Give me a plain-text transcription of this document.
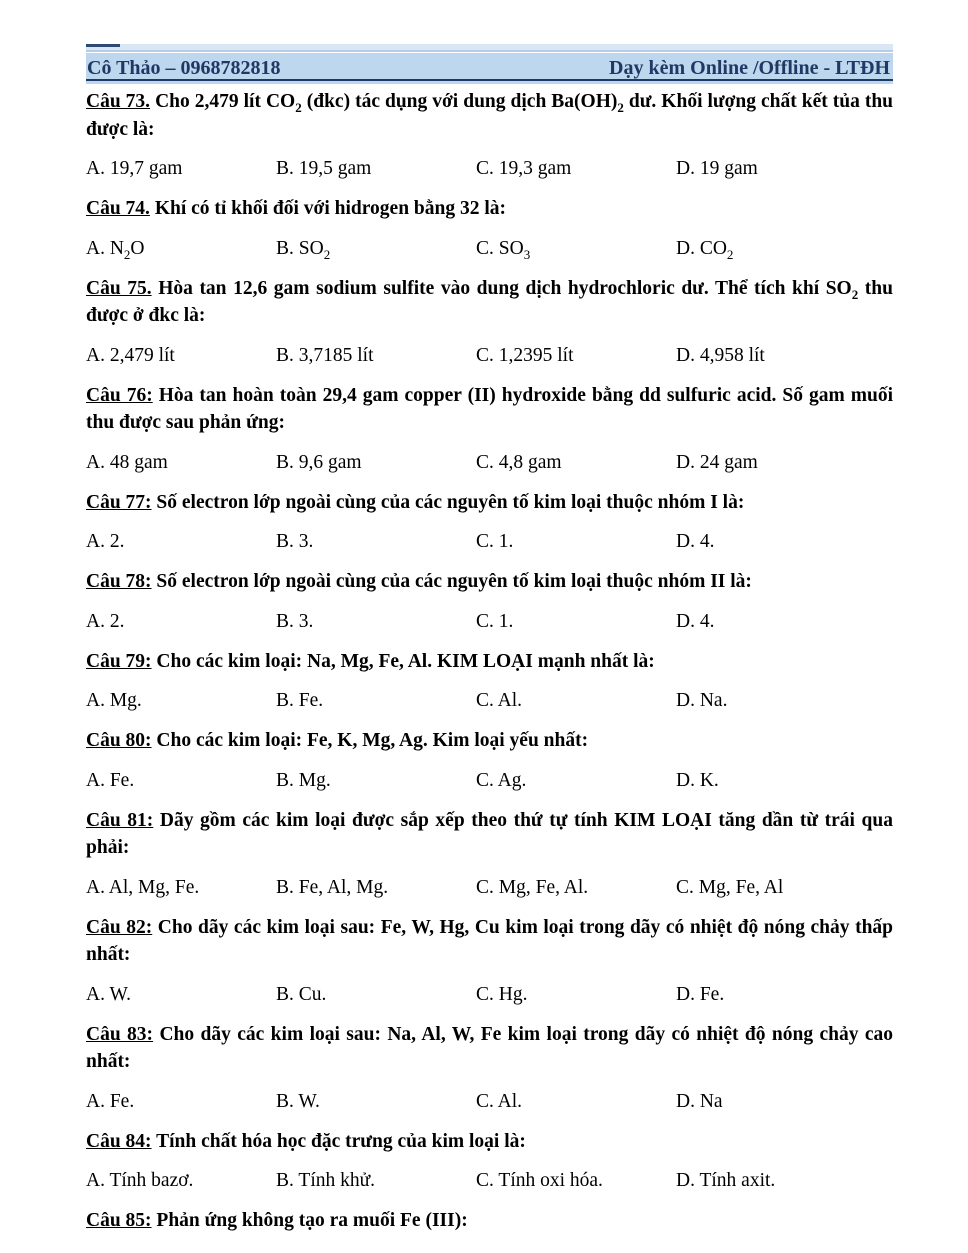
Cô Thảo – 0968782818	Dạy kèm Online /Offline - LTĐH

Câu 73. Cho 2,479 lít $CO_2$ (đkc) tác dụng với dung dịch $Ba(OH)_2$ dư. Khối lượng chất kết tủa thu được là:

A. 19,7 gam	B. 19,5 gam	C. 19,3 gam	D. 19 gam

Câu 74. Khí có tỉ khối đối với hidrogen bằng 32 là:

A. $N_2O$	B. $SO_2$	C. $SO_3$	D. $CO_2$

Câu 75. Hòa tan 12,6 gam sodium sulfite vào dung dịch hydrochloric dư. Thể tích khí $SO_2$ thu được ở đkc là:

A. 2,479 lít	B. 3,7185 lít	C. 1,2395 lít	D. 4,958 lít

Câu 76: Hòa tan hoàn toàn 29,4 gam copper (II) hydroxide bằng dd sulfuric acid. Số gam muối thu được sau phản ứng:

A. 48 gam	B. 9,6 gam	C. 4,8 gam	D. 24 gam

Câu 77: Số electron lớp ngoài cùng của các nguyên tố kim loại thuộc nhóm I là:

A. 2.	B. 3.	C. 1.	D. 4.

Câu 78: Số electron lớp ngoài cùng của các nguyên tố kim loại thuộc nhóm II là:

A. 2.	B. 3.	C. 1.	D. 4.

Câu 79: Cho các kim loại: Na, Mg, Fe, Al. KIM LOẠI mạnh nhất là:

A. Mg.	B. Fe.	C. Al.	D. Na.

Câu 80: Cho các kim loại: Fe, K, Mg, Ag. Kim loại yếu nhất:

A. Fe.	B. Mg.	C. Ag.	D. K.

Câu 81: Dãy gồm các kim loại được sắp xếp theo thứ tự tính KIM LOẠI tăng dần từ trái qua phải:

A. Al, Mg, Fe.	B. Fe, Al, Mg.	C. Mg, Fe, Al.	C. Mg, Fe, Al

Câu 82: Cho dãy các kim loại sau: Fe, W, Hg, Cu kim loại trong dãy có nhiệt độ nóng chảy thấp nhất:

A. W.	B. Cu.	C. Hg.	D. Fe.

Câu 83: Cho dãy các kim loại sau: Na, Al, W, Fe kim loại trong dãy có nhiệt độ nóng chảy cao nhất:

A. Fe.	B. W.	C. Al.	D. Na

Câu 84: Tính chất hóa học đặc trưng của kim loại là:

A. Tính bazơ.	B. Tính khử.	C. Tính oxi hóa.	D. Tính axit.

Câu 85: Phản ứng không tạo ra muối Fe (III):
